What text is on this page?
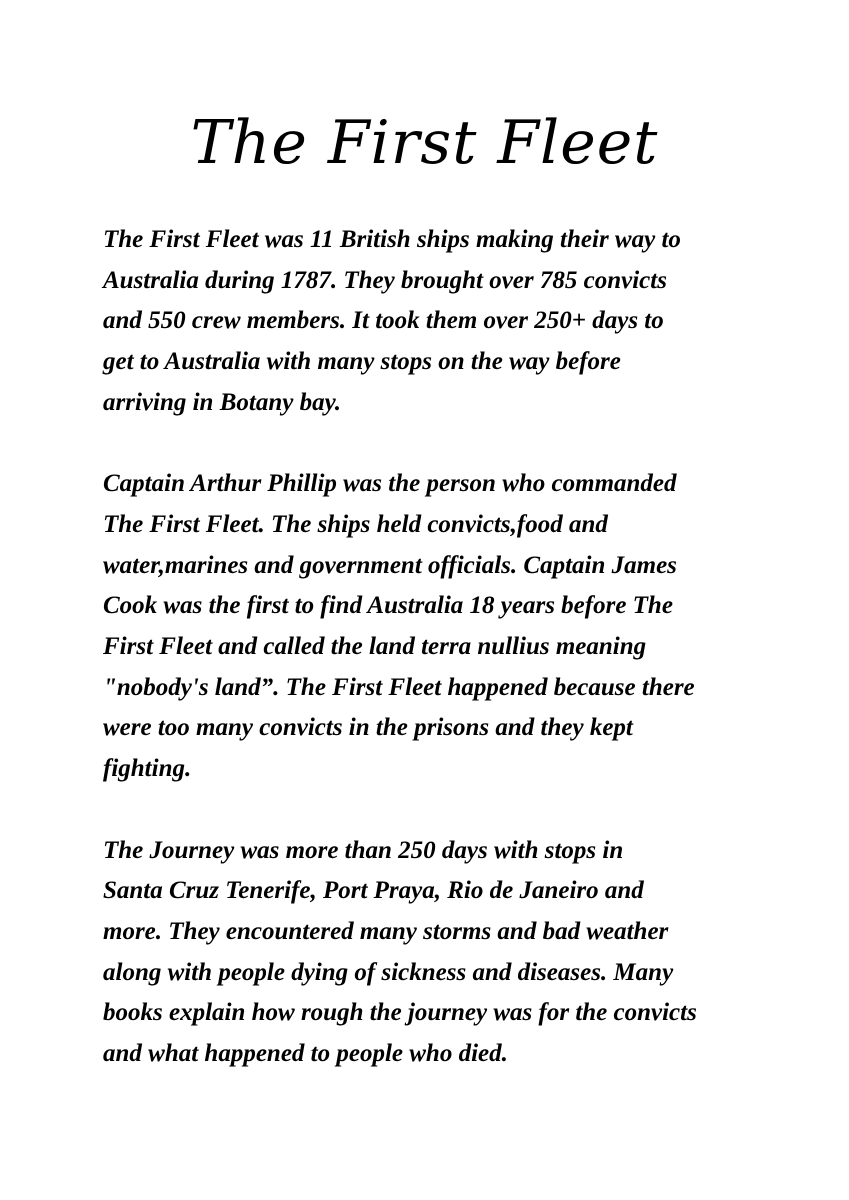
The First Fleet

The First Fleet was 11 British ships making their way to
Australia during 1787. They brought over 785 convicts
and 550 crew members. It took them over 250+ days to
get to Australia with many stops on the way before
arriving in Botany bay.

Captain Arthur Phillip was the person who commanded
The First Fleet. The ships held convicts,food and
water,marines and government officials. Captain James
Cook was the first to find Australia 18 years before The
First Fleet and called the land terra nullius meaning
"nobody's land”. The First Fleet happened because there
were too many convicts in the prisons and they kept
fighting.

The Journey was more than 250 days with stops in
Santa Cruz Tenerife, Port Praya, Rio de Janeiro and
more. They encountered many storms and bad weather
along with people dying of sickness and diseases. Many
books explain how rough the journey was for the convicts
and what happened to people who died.
